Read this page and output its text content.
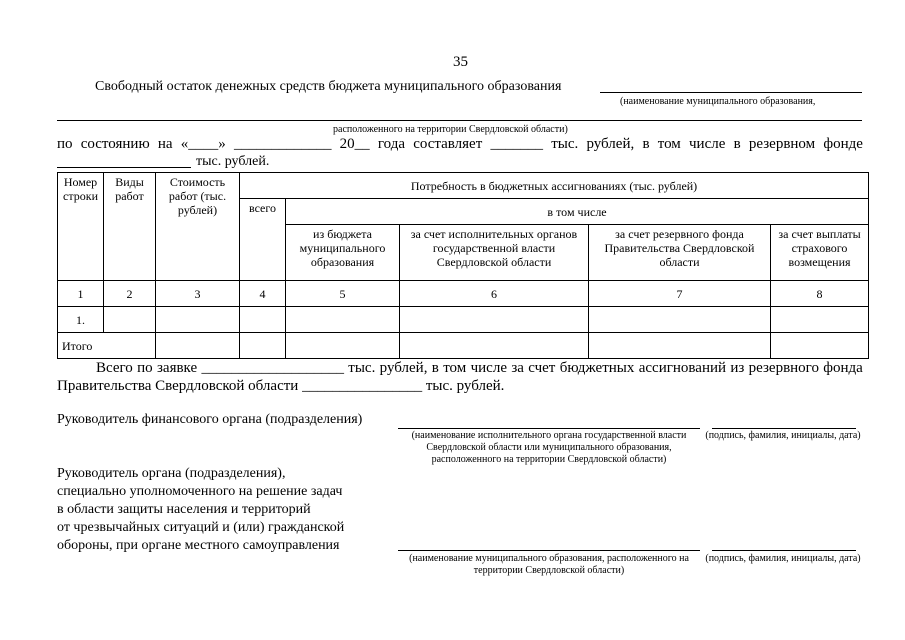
35
Свободный остаток денежных средств бюджета муниципального образования
(наименование муниципального образования,
расположенного на территории Свердловской области)
по состоянию на «____» _____________ 20__ года составляет _______ тыс. рублей, в том числе в резервном фонде
тыс. рублей.
Номер строки	Виды работ	Стоимость работ (тыс. рублей)	Потребность в бюджетных ассигнованиях (тыс. рублей)				
			всего	в том числе			
				из бюджета муниципального образования	за счет исполнительных органов государственной власти Свердловской области	за счет резервного фонда Правительства Свердловской области	за счет выплаты страхового возмещения
1	2	3	4	5	6	7	8
1.							
Итого							
Всего по заявке ___________________ тыс. рублей, в том числе за счет бюджетных ассигнований из резервного фонда
Правительства Свердловской области ________________ тыс. рублей.
Руководитель финансового органа (подразделения)
(наименование исполнительного органа государственной власти Свердловской области или муниципального образования, расположенного на территории Свердловской области)
(подпись, фамилия, инициалы, дата)
Руководитель органа (подразделения),
специально уполномоченного на решение задач
в области защиты населения и территорий
от чрезвычайных ситуаций и (или) гражданской
обороны, при органе местного самоуправления
(наименование муниципального образования, расположенного на территории Свердловской области)
(подпись, фамилия, инициалы, дата)
